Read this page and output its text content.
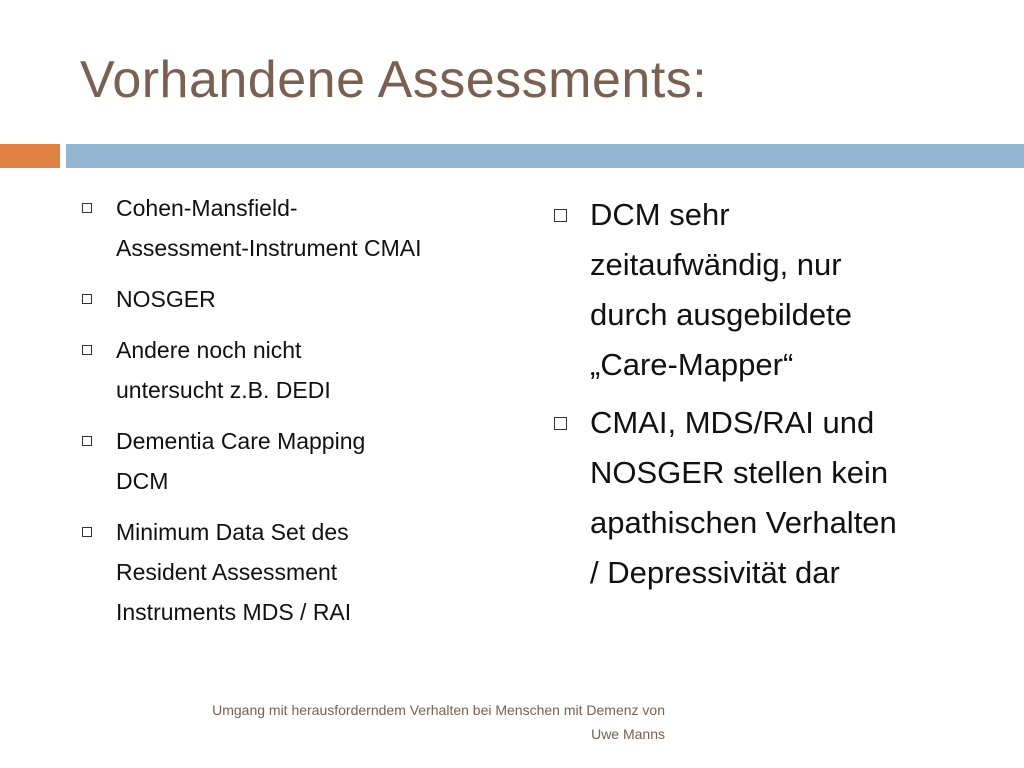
Vorhandene Assessments:
Cohen-Mansfield-
Assessment-Instrument CMAI
NOSGER
Andere noch nicht
untersucht z.B. DEDI
Dementia Care Mapping
DCM
Minimum Data Set des
Resident Assessment
Instruments MDS / RAI
DCM sehr
zeitaufwändig, nur
durch ausgebildete
„Care-Mapper“
CMAI, MDS/RAI und
NOSGER stellen kein
apathischen Verhalten
/ Depressivität dar
Umgang mit herausforderndem Verhalten bei Menschen mit Demenz von
Uwe Manns
